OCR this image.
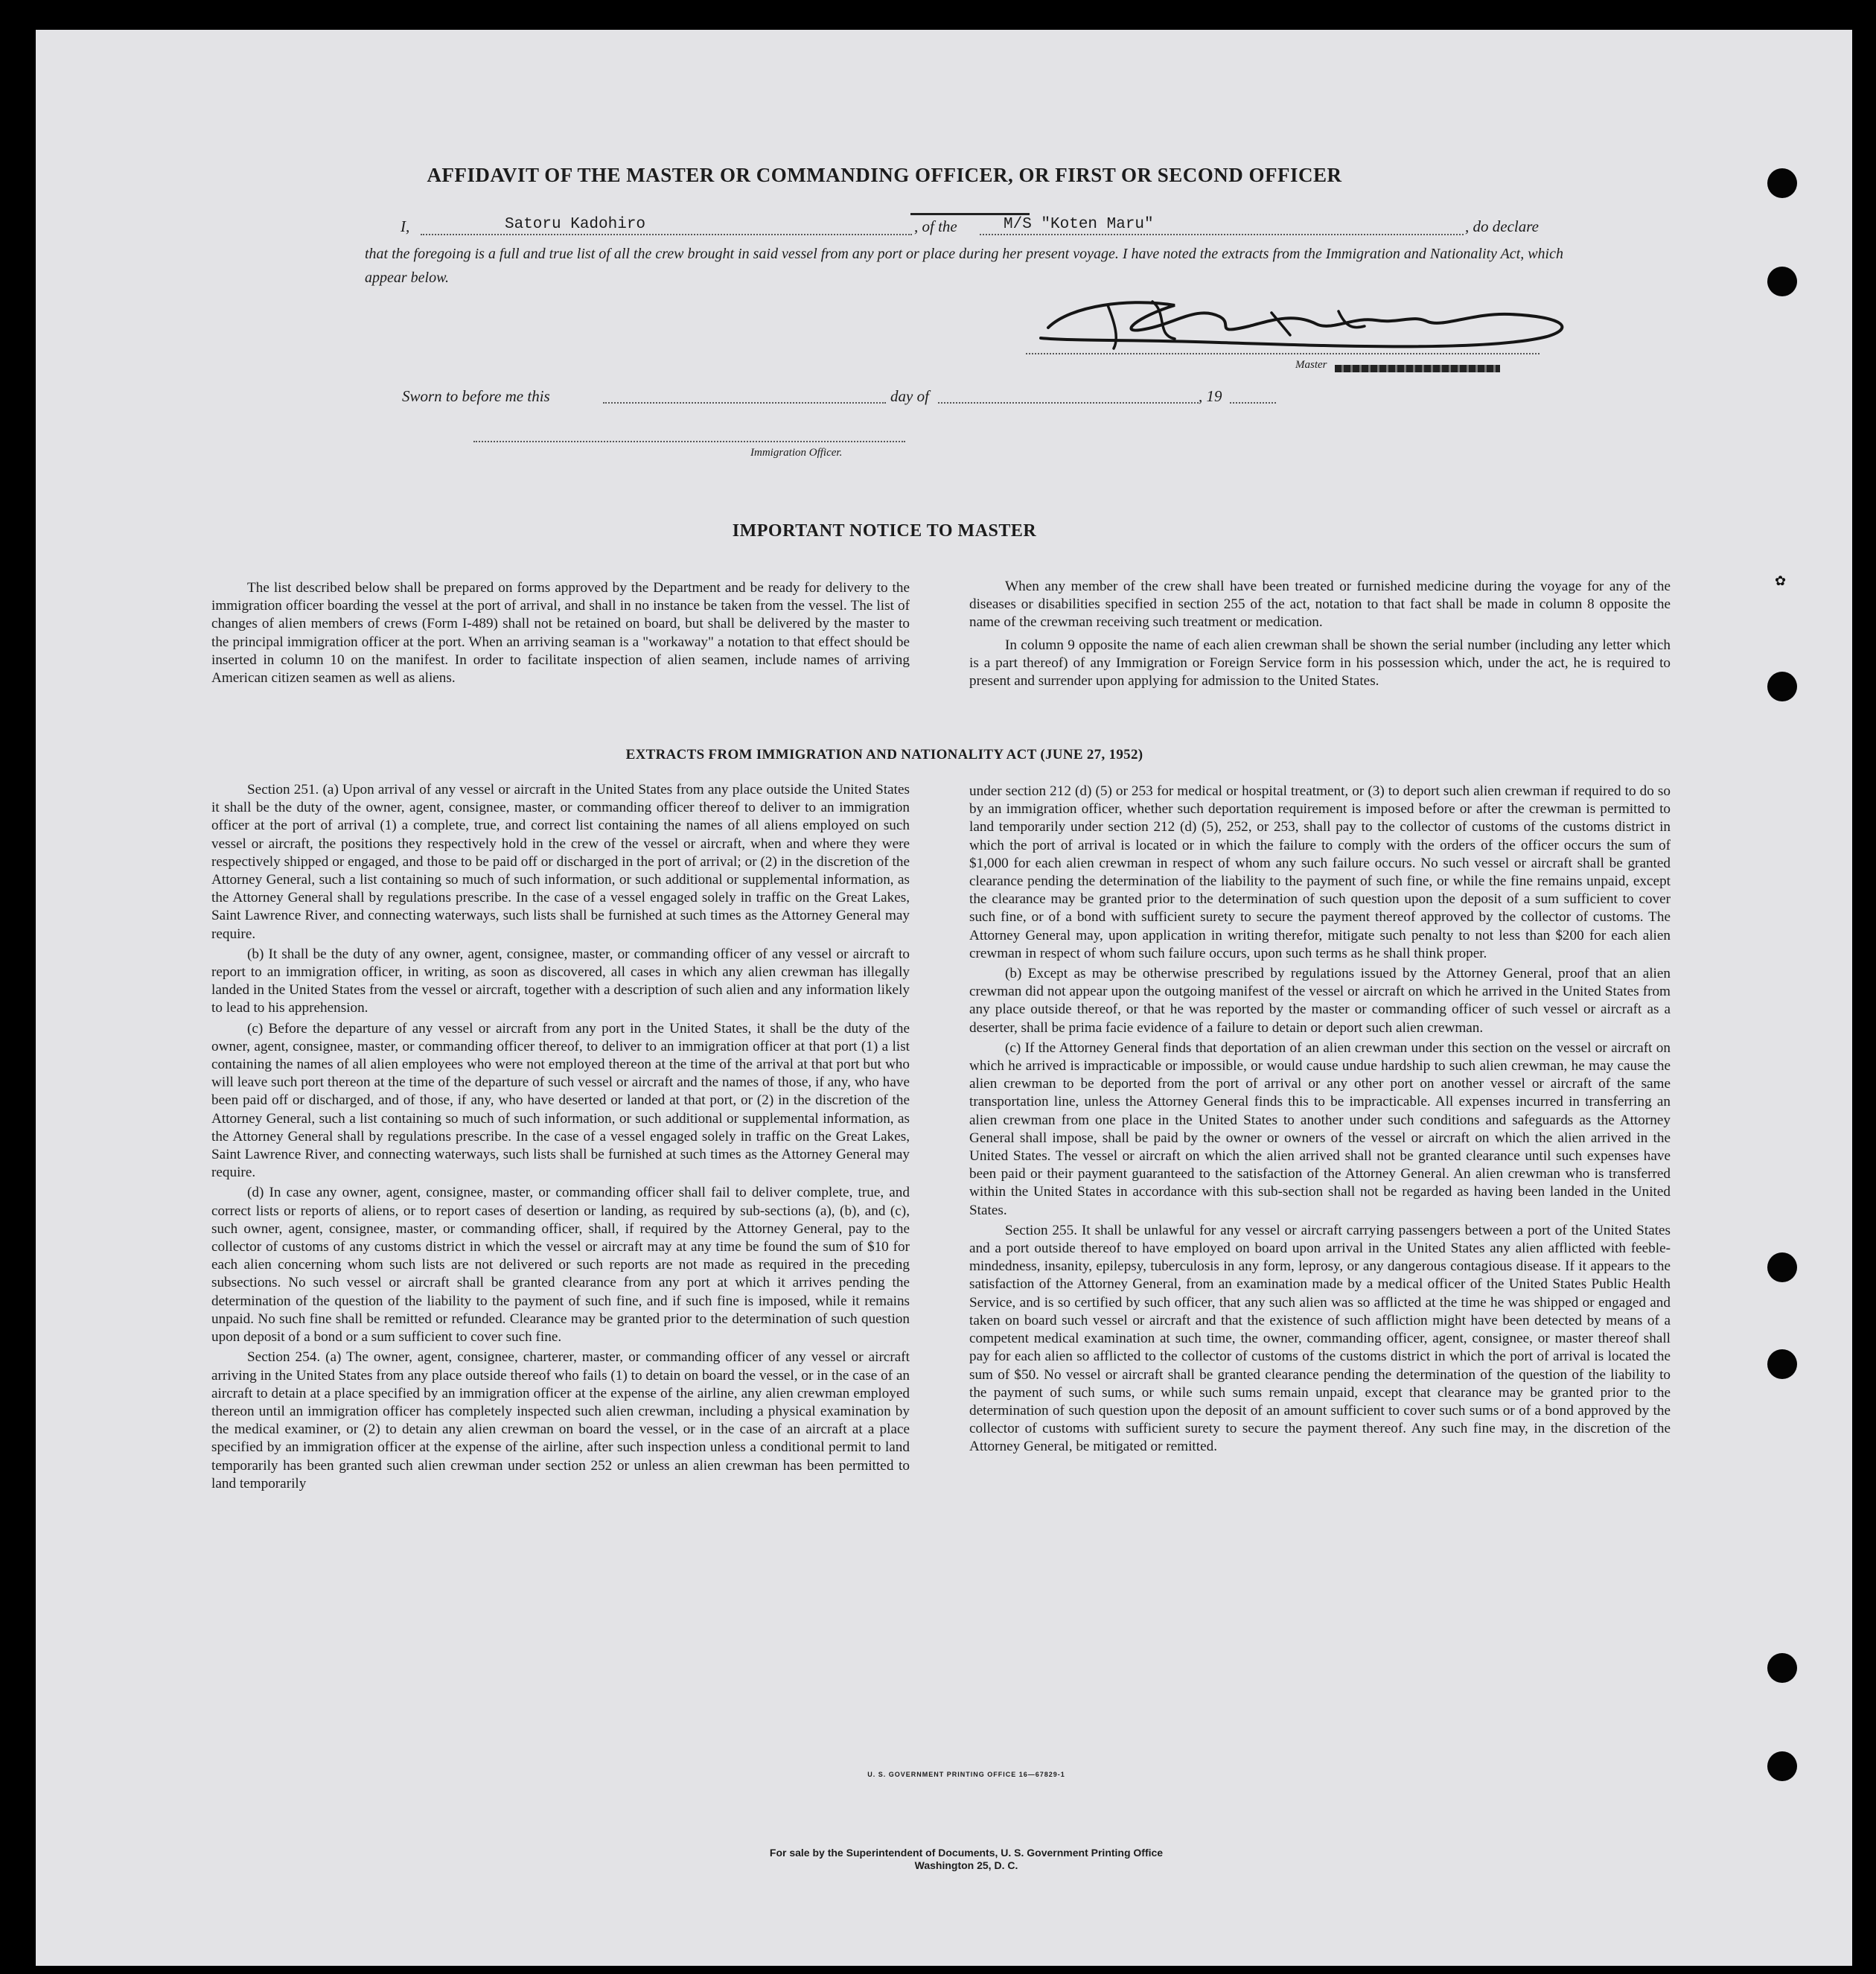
✿
AFFIDAVIT OF THE MASTER OR COMMANDING OFFICER, OR FIRST OR SECOND OFFICER
I,	Satoru Kadohiro	, of the	M/S "Koten Maru"	, do declare
that the foregoing is a full and true list of all the crew brought in said vessel from any port or place during her present voyage. I have noted the extracts from the Immigration and Nationality Act, which appear below.
Master
Sworn to before me this	day of	, 19
Immigration Officer.
IMPORTANT NOTICE TO MASTER

The list described below shall be prepared on forms approved by the Department and be ready for delivery to the immigration officer boarding the vessel at the port of arrival, and shall in no instance be taken from the vessel. The list of changes of alien members of crews (Form I-489) shall not be retained on board, but shall be delivered by the master to the principal immigration officer at the port. When an arriving seaman is a "workaway" a notation to that effect should be inserted in column 10 on the manifest. In order to facilitate inspection of alien seamen, include names of arriving American citizen seamen as well as aliens.

When any member of the crew shall have been treated or furnished medicine during the voyage for any of the diseases or disabilities specified in section 255 of the act, notation to that fact shall be made in column 8 opposite the name of the crewman receiving such treatment or medication.

In column 9 opposite the name of each alien crewman shall be shown the serial number (including any letter which is a part thereof) of any Immigration or Foreign Service form in his possession which, under the act, he is required to present and surrender upon applying for admission to the United States.

EXTRACTS FROM IMMIGRATION AND NATIONALITY ACT (JUNE 27, 1952)

Section 251. (a) Upon arrival of any vessel or aircraft in the United States from any place outside the United States it shall be the duty of the owner, agent, consignee, master, or commanding officer thereof to deliver to an immigration officer at the port of arrival (1) a complete, true, and correct list containing the names of all aliens employed on such vessel or aircraft, the positions they respectively hold in the crew of the vessel or aircraft, when and where they were respectively shipped or engaged, and those to be paid off or discharged in the port of arrival; or (2) in the discretion of the Attorney General, such a list containing so much of such information, or such additional or supplemental information, as the Attorney General shall by regulations prescribe. In the case of a vessel engaged solely in traffic on the Great Lakes, Saint Lawrence River, and connecting waterways, such lists shall be furnished at such times as the Attorney General may require.

(b) It shall be the duty of any owner, agent, consignee, master, or commanding officer of any vessel or aircraft to report to an immigration officer, in writing, as soon as discovered, all cases in which any alien crewman has illegally landed in the United States from the vessel or aircraft, together with a description of such alien and any information likely to lead to his apprehension.

(c) Before the departure of any vessel or aircraft from any port in the United States, it shall be the duty of the owner, agent, consignee, master, or commanding officer thereof, to deliver to an immigration officer at that port (1) a list containing the names of all alien employees who were not employed thereon at the time of the arrival at that port but who will leave such port thereon at the time of the departure of such vessel or aircraft and the names of those, if any, who have been paid off or discharged, and of those, if any, who have deserted or landed at that port, or (2) in the discretion of the Attorney General, such a list containing so much of such information, or such additional or supplemental information, as the Attorney General shall by regulations prescribe. In the case of a vessel engaged solely in traffic on the Great Lakes, Saint Lawrence River, and connecting waterways, such lists shall be furnished at such times as the Attorney General may require.

(d) In case any owner, agent, consignee, master, or commanding officer shall fail to deliver complete, true, and correct lists or reports of aliens, or to report cases of desertion or landing, as required by sub-sections (a), (b), and (c), such owner, agent, consignee, master, or commanding officer, shall, if required by the Attorney General, pay to the collector of customs of any customs district in which the vessel or aircraft may at any time be found the sum of $10 for each alien concerning whom such lists are not delivered or such reports are not made as required in the preceding subsections. No such vessel or aircraft shall be granted clearance from any port at which it arrives pending the determination of the question of the liability to the payment of such fine, and if such fine is imposed, while it remains unpaid. No such fine shall be remitted or refunded. Clearance may be granted prior to the determination of such question upon deposit of a bond or a sum sufficient to cover such fine.

Section 254. (a) The owner, agent, consignee, charterer, master, or commanding officer of any vessel or aircraft arriving in the United States from any place outside thereof who fails (1) to detain on board the vessel, or in the case of an aircraft to detain at a place specified by an immigration officer at the expense of the airline, any alien crewman employed thereon until an immigration officer has completely inspected such alien crewman, including a physical examination by the medical examiner, or (2) to detain any alien crewman on board the vessel, or in the case of an aircraft at a place specified by an immigration officer at the expense of the airline, after such inspection unless a conditional permit to land temporarily has been granted such alien crewman under section 252 or unless an alien crewman has been permitted to land temporarily

under section 212 (d) (5) or 253 for medical or hospital treatment, or (3) to deport such alien crewman if required to do so by an immigration officer, whether such deportation requirement is imposed before or after the crewman is permitted to land temporarily under section 212 (d) (5), 252, or 253, shall pay to the collector of customs of the customs district in which the port of arrival is located or in which the failure to comply with the orders of the officer occurs the sum of $1,000 for each alien crewman in respect of whom any such failure occurs. No such vessel or aircraft shall be granted clearance pending the determination of the liability to the payment of such fine, or while the fine remains unpaid, except the clearance may be granted prior to the determination of such question upon the deposit of a sum sufficient to cover such fine, or of a bond with sufficient surety to secure the payment thereof approved by the collector of customs. The Attorney General may, upon application in writing therefor, mitigate such penalty to not less than $200 for each alien crewman in respect of whom such failure occurs, upon such terms as he shall think proper.

(b) Except as may be otherwise prescribed by regulations issued by the Attorney General, proof that an alien crewman did not appear upon the outgoing manifest of the vessel or aircraft on which he arrived in the United States from any place outside thereof, or that he was reported by the master or commanding officer of such vessel or aircraft as a deserter, shall be prima facie evidence of a failure to detain or deport such alien crewman.

(c) If the Attorney General finds that deportation of an alien crewman under this section on the vessel or aircraft on which he arrived is impracticable or impossible, or would cause undue hardship to such alien crewman, he may cause the alien crewman to be deported from the port of arrival or any other port on another vessel or aircraft of the same transportation line, unless the Attorney General finds this to be impracticable. All expenses incurred in transferring an alien crewman from one place in the United States to another under such conditions and safeguards as the Attorney General shall impose, shall be paid by the owner or owners of the vessel or aircraft on which the alien arrived in the United States. The vessel or aircraft on which the alien arrived shall not be granted clearance until such expenses have been paid or their payment guaranteed to the satisfaction of the Attorney General. An alien crewman who is transferred within the United States in accordance with this sub-section shall not be regarded as having been landed in the United States.

Section 255. It shall be unlawful for any vessel or aircraft carrying passengers between a port of the United States and a port outside thereof to have employed on board upon arrival in the United States any alien afflicted with feeble-mindedness, insanity, epilepsy, tuberculosis in any form, leprosy, or any dangerous contagious disease. If it appears to the satisfaction of the Attorney General, from an examination made by a medical officer of the United States Public Health Service, and is so certified by such officer, that any such alien was so afflicted at the time he was shipped or engaged and taken on board such vessel or aircraft and that the existence of such affliction might have been detected by means of a competent medical examination at such time, the owner, commanding officer, agent, consignee, or master thereof shall pay for each alien so afflicted to the collector of customs of the customs district in which the port of arrival is located the sum of $50. No vessel or aircraft shall be granted clearance pending the determination of the question of the liability to the payment of such sums, or while such sums remain unpaid, except that clearance may be granted prior to the determination of such question upon the deposit of an amount sufficient to cover such sums or of a bond approved by the collector of customs with sufficient surety to secure the payment thereof. Any such fine may, in the discretion of the Attorney General, be mitigated or remitted.

U. S. GOVERNMENT PRINTING OFFICE 16—67829-1
For sale by the Superintendent of Documents, U. S. Government Printing Office
Washington 25, D. C.
